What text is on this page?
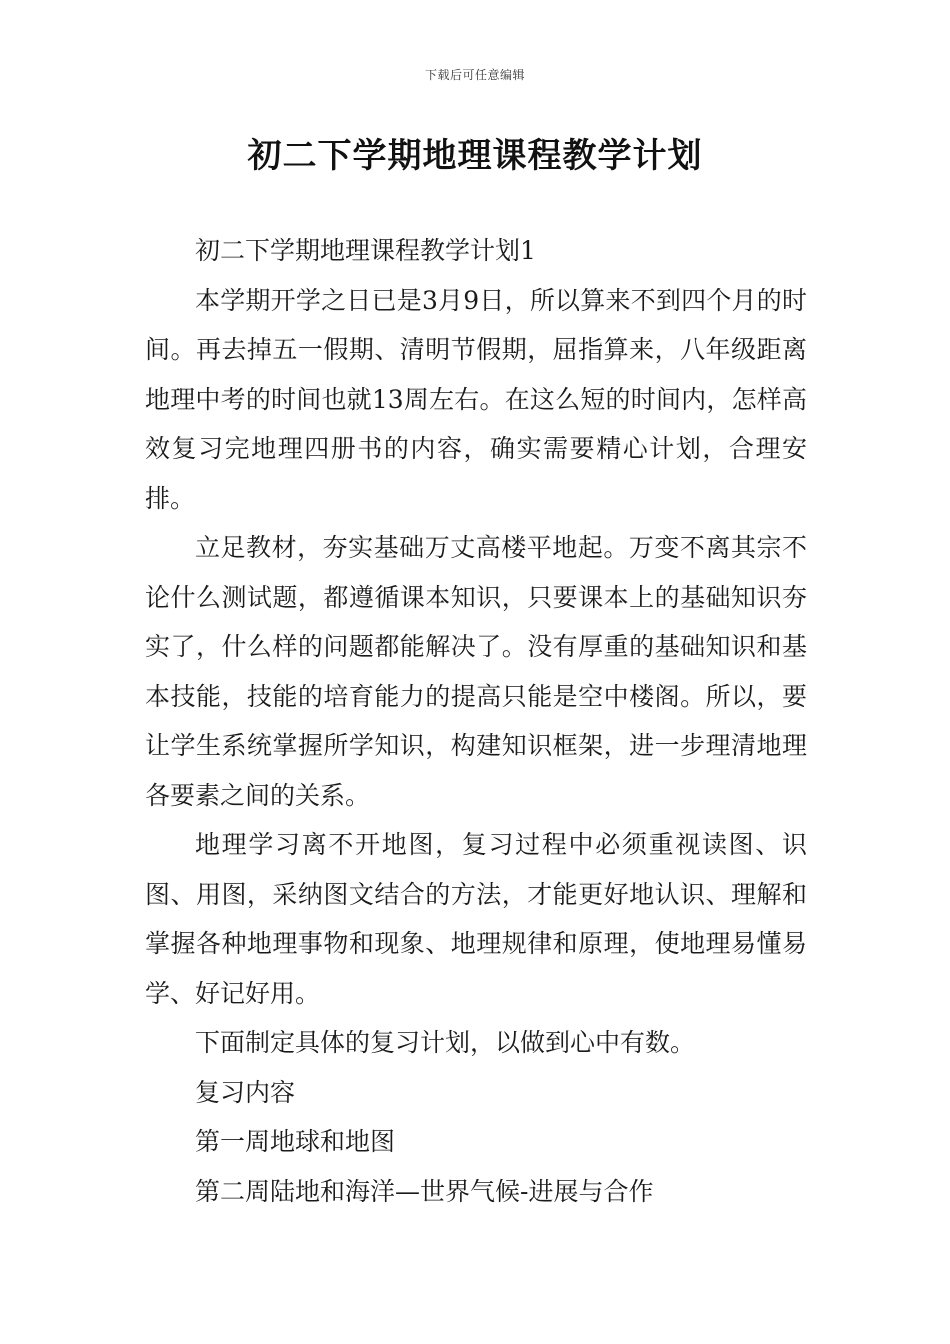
下载后可任意编辑
初二下学期地理课程教学计划

初二下学期地理课程教学计划1

本学期开学之日已是3月9日，所以算来不到四个月的时间。再去掉五一假期、清明节假期，屈指算来，八年级距离地理中考的时间也就13周左右。在这么短的时间内，怎样高效复习完地理四册书的内容，确实需要精心计划，合理安排。

立足教材，夯实基础万丈高楼平地起。万变不离其宗不论什么测试题，都遵循课本知识，只要课本上的基础知识夯实了，什么样的问题都能解决了。没有厚重的基础知识和基本技能，技能的培育能力的提高只能是空中楼阁。所以，要让学生系统掌握所学知识，构建知识框架，进一步理清地理各要素之间的关系。

地理学习离不开地图，复习过程中必须重视读图、识图、用图，采纳图文结合的方法，才能更好地认识、理解和掌握各种地理事物和现象、地理规律和原理，使地理易懂易学、好记好用。

下面制定具体的复习计划，以做到心中有数。

复习内容

第一周地球和地图

第二周陆地和海洋—世界气候-进展与合作
